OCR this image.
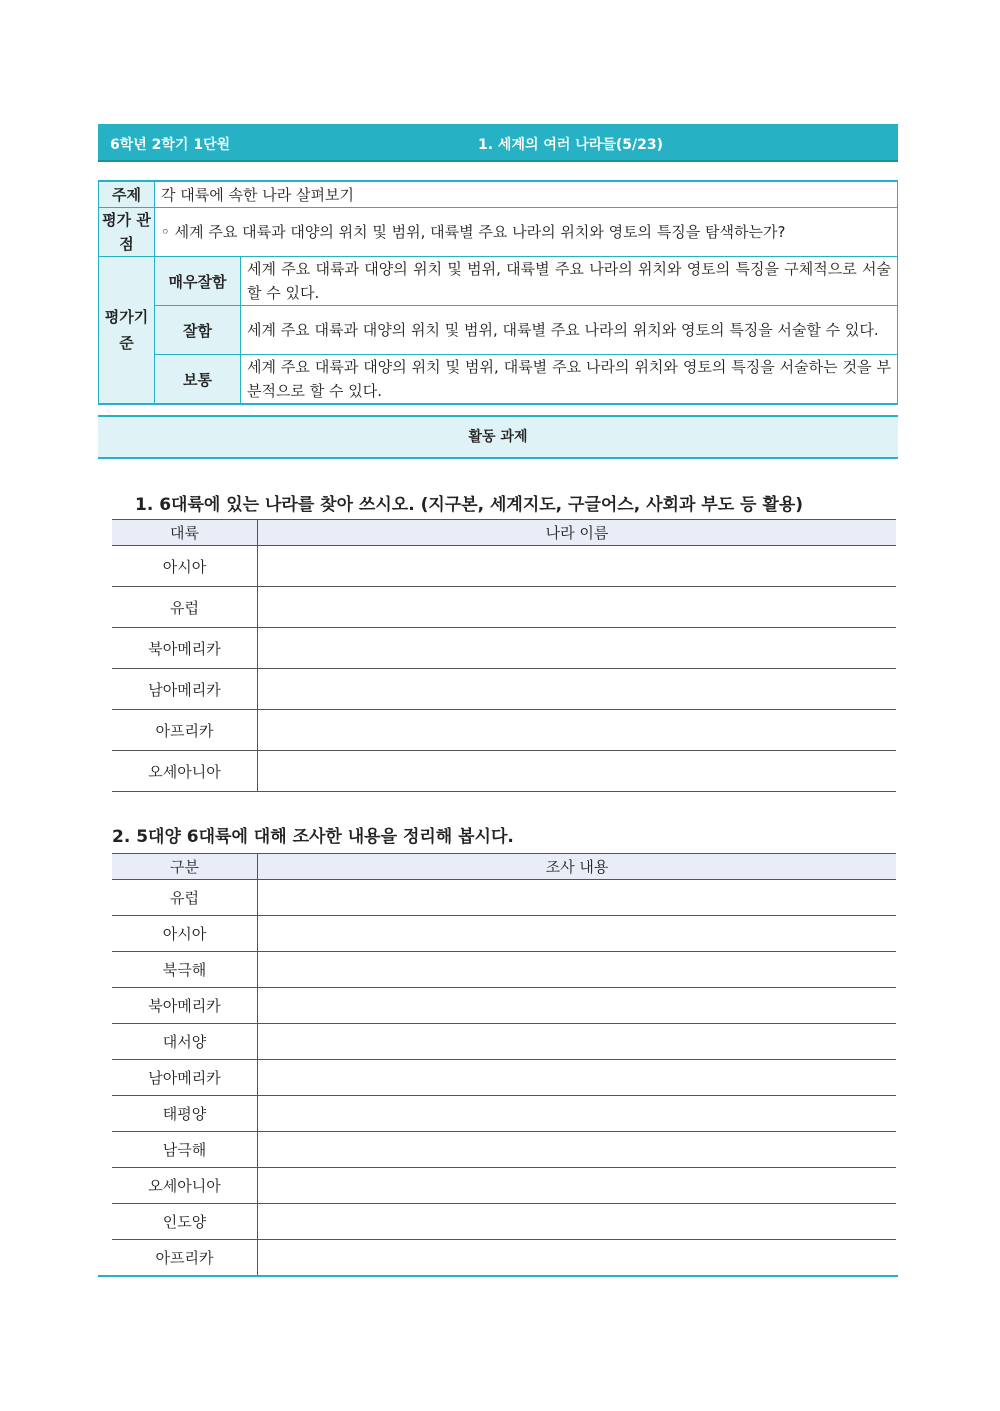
6학년 2학기 1단원	1. 세계의 여러 나라들(5/23)
주제	각 대륙에 속한 나라 살펴보기	
평가 관점	◦ 세계 주요 대륙과 대양의 위치 및 범위, 대륙별 주요 나라의 위치와 영토의 특징을 탐색하는가?	
평가기준	매우잘함	세계 주요 대륙과 대양의 위치 및 범위, 대륙별 주요 나라의 위치와 영토의 특징을 구체적으로 서술할 수 있다.
	잘함	세계 주요 대륙과 대양의 위치 및 범위, 대륙별 주요 나라의 위치와 영토의 특징을 서술할 수 있다.
	보통	세계 주요 대륙과 대양의 위치 및 범위, 대륙별 주요 나라의 위치와 영토의 특징을 서술하는 것을 부분적으로 할 수 있다.
활동 과제
1. 6대륙에 있는 나라를 찾아 쓰시오. (지구본, 세계지도, 구글어스, 사회과 부도 등 활용)
대륙	나라 이름
아시아	
유럽	
북아메리카	
남아메리카	
아프리카	
오세아니아	
2. 5대양 6대륙에 대해 조사한 내용을 정리해 봅시다.
구분	조사 내용
유럽	
아시아	
북극해	
북아메리카	
대서양	
남아메리카	
태평양	
남극해	
오세아니아	
인도양	
아프리카	
